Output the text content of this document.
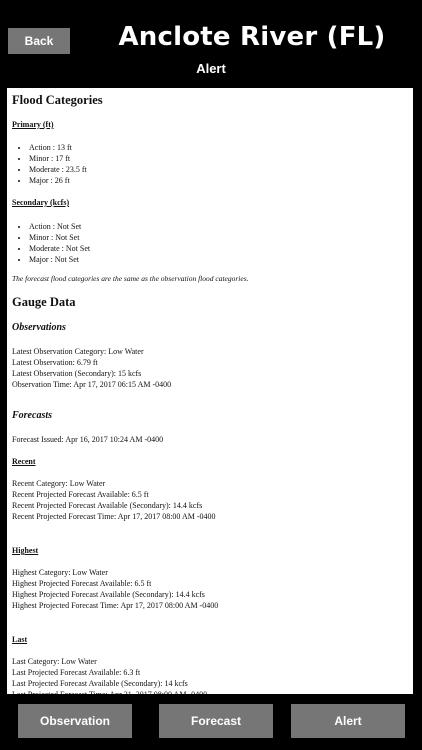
Back	Anclote River (FL)
Alert
Flood Categories
Primary (ft)
• Action : 13 ft
• Minor : 17 ft
• Moderate : 23.5 ft
• Major : 26 ft
Secondary (kcfs)
• Action : Not Set
• Minor : Not Set
• Moderate : Not Set
• Major : Not Set
The forecast flood categories are the same as the observation flood categories.
Gauge Data
Observations
Latest Observation Category: Low Water
Latest Observation: 6.79 ft
Latest Observation (Secondary): 15 kcfs
Observation Time: Apr 17, 2017 06:15 AM -0400
Forecasts
Forecast Issued: Apr 16, 2017 10:24 AM -0400
Recent
Recent Category: Low Water
Recent Projected Forecast Available: 6.5 ft
Recent Projected Forecast Available (Secondary): 14.4 kcfs
Recent Projected Forecast Time: Apr 17, 2017 08:00 AM -0400
Highest
Highest Category: Low Water
Highest Projected Forecast Available: 6.5 ft
Highest Projected Forecast Available (Secondary): 14.4 kcfs
Highest Projected Forecast Time: Apr 17, 2017 08:00 AM -0400
Last
Last Category: Low Water
Last Projected Forecast Available: 6.3 ft
Last Projected Forecast Available (Secondary): 14 kcfs
Observation	Forecast	Alert
